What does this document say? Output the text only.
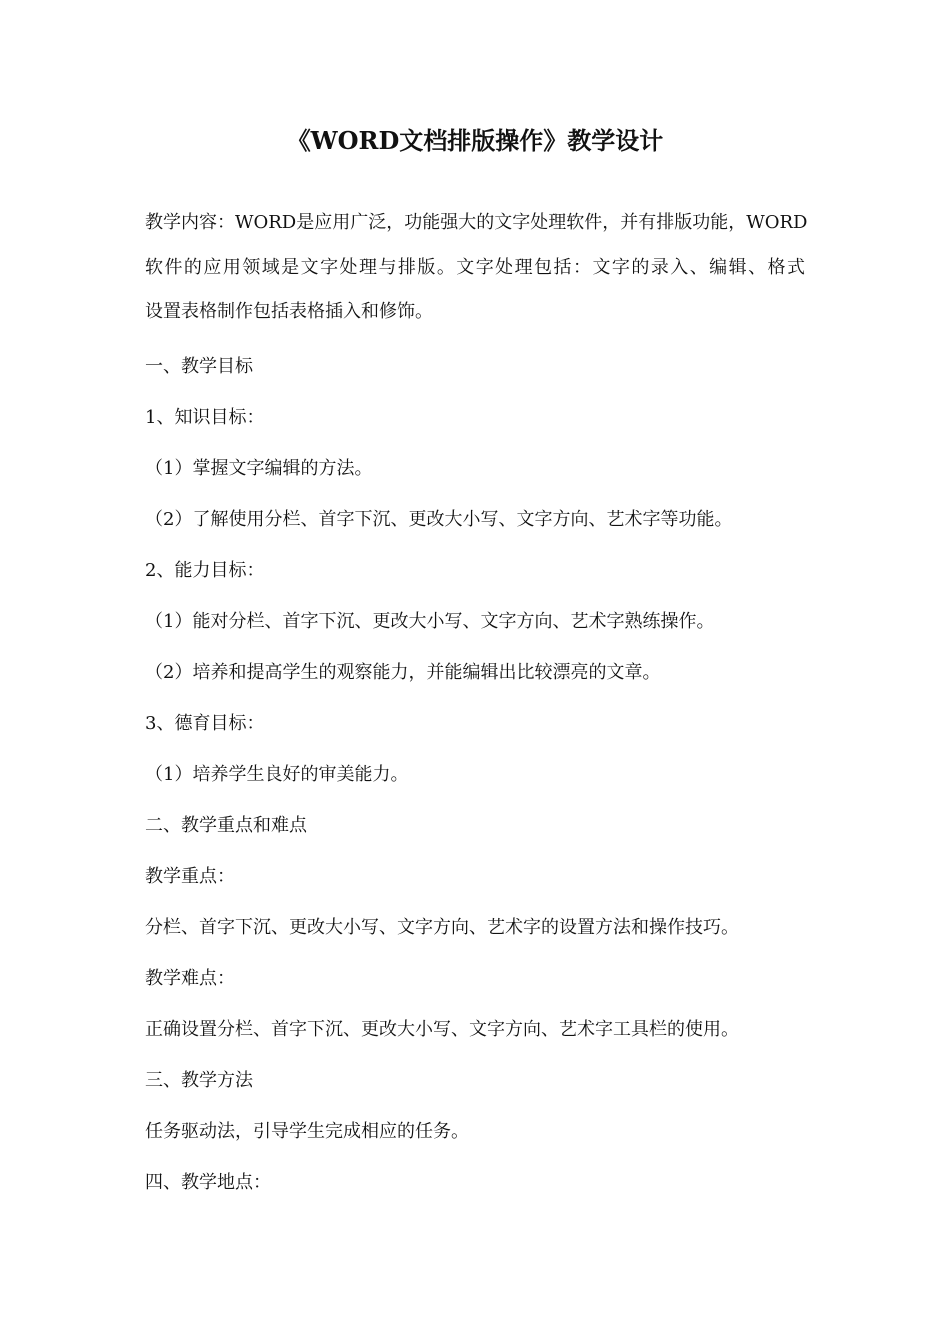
《WORD文档排版操作》教学设计
教学内容：WORD是应用广泛，功能强大的文字处理软件，并有排版功能，WORD
软件的应用领域是文字处理与排版。文字处理包括：文字的录入、编辑、格式
设置表格制作包括表格插入和修饰。
一、教学目标
1、知识目标：
（1）掌握文字编辑的方法。
（2）了解使用分栏、首字下沉、更改大小写、文字方向、艺术字等功能。
2、能力目标：
（1）能对分栏、首字下沉、更改大小写、文字方向、艺术字熟练操作。
（2）培养和提高学生的观察能力，并能编辑出比较漂亮的文章。
3、德育目标：
（1）培养学生良好的审美能力。
二、教学重点和难点
教学重点：
分栏、首字下沉、更改大小写、文字方向、艺术字的设置方法和操作技巧。
教学难点：
正确设置分栏、首字下沉、更改大小写、文字方向、艺术字工具栏的使用。
三、教学方法
任务驱动法，引导学生完成相应的任务。
四、教学地点：
